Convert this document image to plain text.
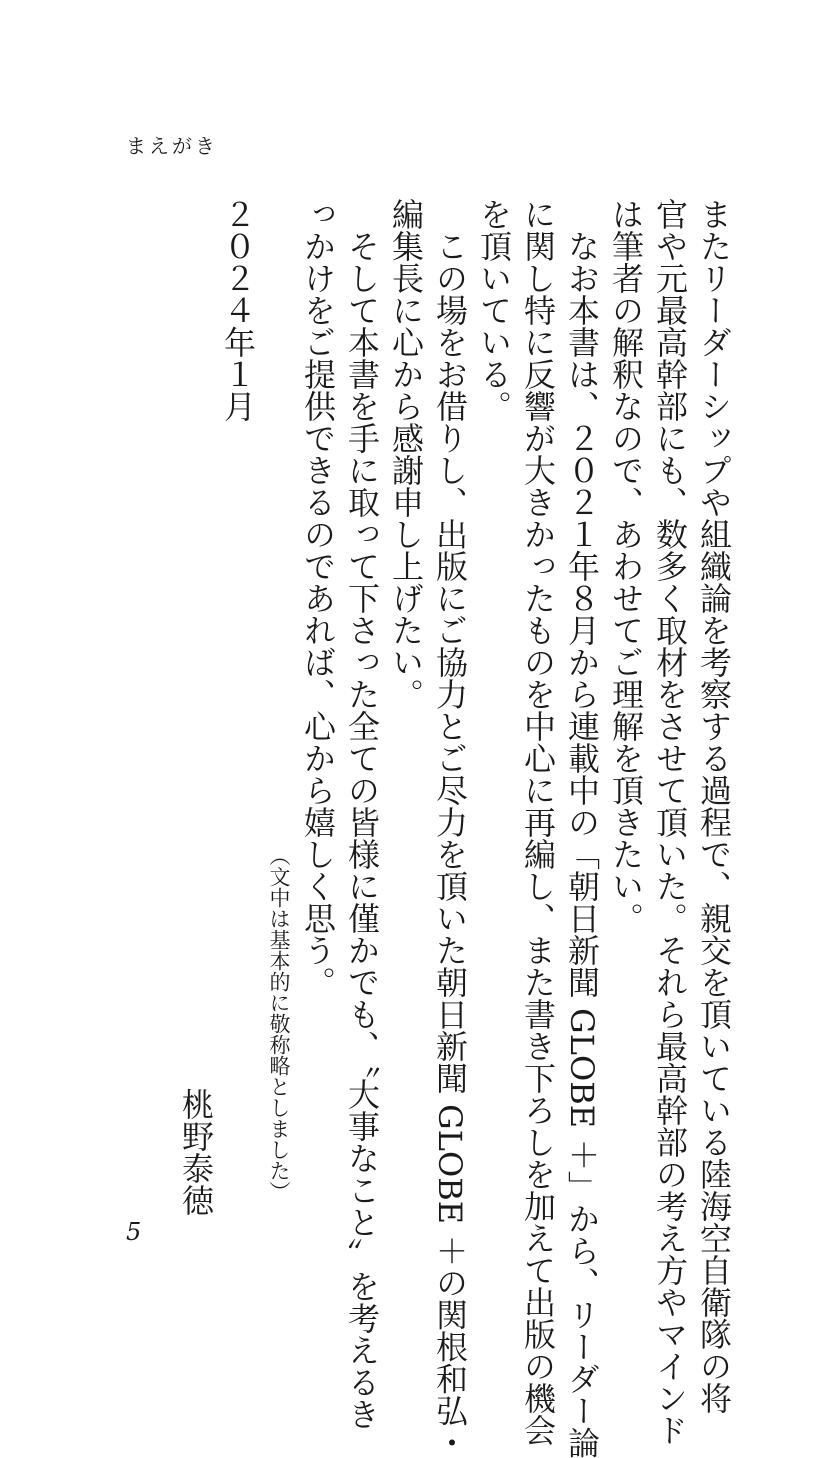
まえがき
またリーダーシップや組織論を考察する過程で、親交を頂いている陸海空自衛隊の将
官や元最高幹部にも、数多く取材をさせて頂いた。それら最高幹部の考え方やマインド
は筆者の解釈なので、あわせてご理解を頂きたい。
なお本書は、２０２１年８月から連載中の「朝日新聞 GLOBE ＋」から、リーダー論
に関し特に反響が大きかったものを中心に再編し、また書き下ろしを加えて出版の機会
を頂いている。
この場をお借りし、出版にご協力とご尽力を頂いた朝日新聞 GLOBE ＋の関根和弘・
編集長に心から感謝申し上げたい。
そして本書を手に取って下さった全ての皆様に僅かでも、〝大事なこと〟を考えるき
っかけをご提供できるのであれば、心から嬉しく思う。
（文中は基本的に敬称略としました）
２０２４年１月
桃野泰徳
5
